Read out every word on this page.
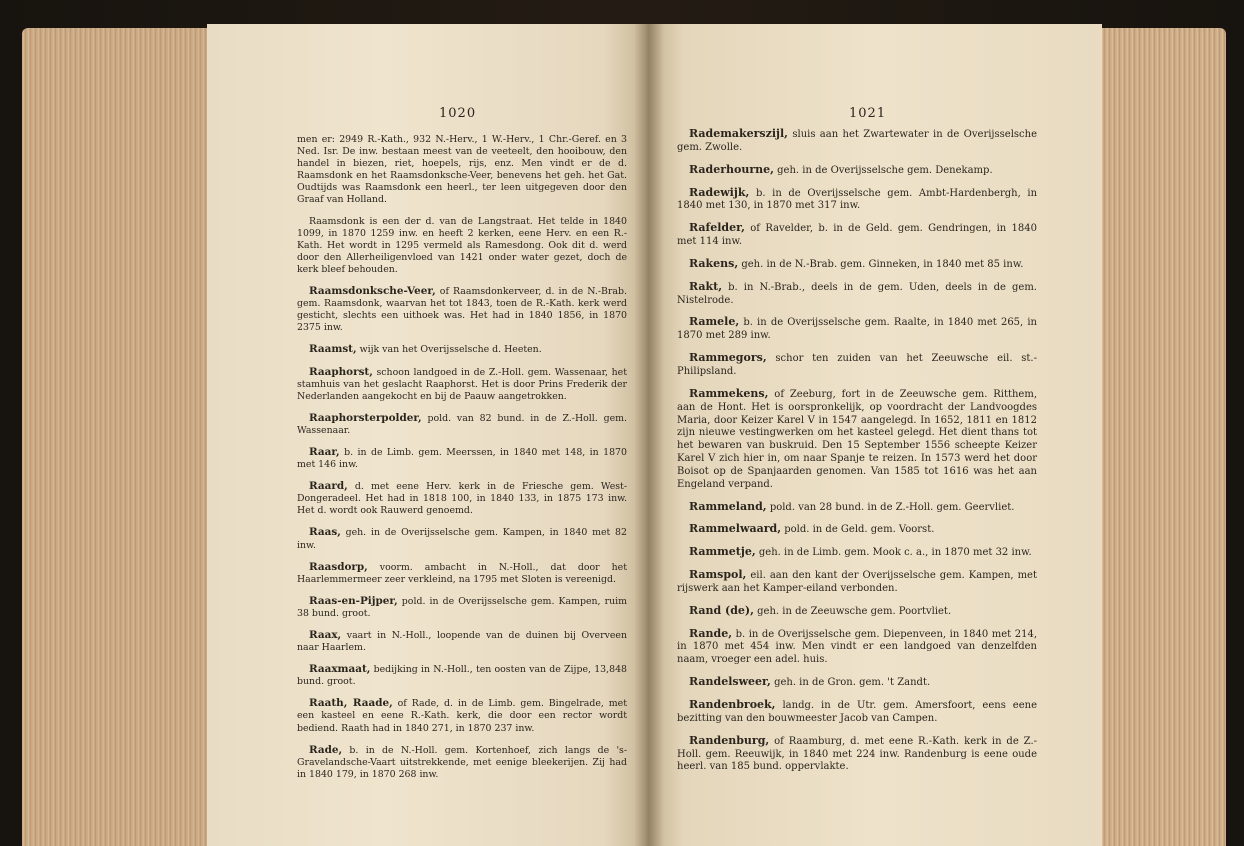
1020

men er: 2949 R.-Kath., 932 N.-Herv., 1 W.-Herv., 1 Chr.-Geref. en 3 Ned. Isr. De inw. bestaan meest van de veeteelt, den hooibouw, den handel in biezen, riet, hoepels, rijs, enz. Men vindt er de d. Raamsdonk en het Raamsdonksche-Veer, benevens het geh. het Gat. Oudtijds was Raamsdonk een heerl., ter leen uitgegeven door den Graaf van Holland.

Raamsdonk is een der d. van de Langstraat. Het telde in 1840 1099, in 1870 1259 inw. en heeft 2 kerken, eene Herv. en een R.-Kath. Het wordt in 1295 vermeld als Ramesdong. Ook dit d. werd door den Allerheiligenvloed van 1421 onder water gezet, doch de kerk bleef behouden.

Raamsdonksche-Veer, of Raamsdonkerveer, d. in de N.-Brab. gem. Raamsdonk, waarvan het tot 1843, toen de R.-Kath. kerk werd gesticht, slechts een uithoek was. Het had in 1840 1856, in 1870 2375 inw.

Raamst, wijk van het Overijsselsche d. Heeten.

Raaphorst, schoon landgoed in de Z.-Holl. gem. Wassenaar, het stamhuis van het geslacht Raaphorst. Het is door Prins Frederik der Nederlanden aangekocht en bij de Paauw aangetrokken.

Raaphorsterpolder, pold. van 82 bund. in de Z.-Holl. gem. Wassenaar.

Raar, b. in de Limb. gem. Meerssen, in 1840 met 148, in 1870 met 146 inw.

Raard, d. met eene Herv. kerk in de Friesche gem. West-Dongeradeel. Het had in 1818 100, in 1840 133, in 1875 173 inw. Het d. wordt ook Rauwerd genoemd.

Raas, geh. in de Overijsselsche gem. Kampen, in 1840 met 82 inw.

Raasdorp, voorm. ambacht in N.-Holl., dat door het Haarlemmermeer zeer verkleind, na 1795 met Sloten is vereenigd.

Raas-en-Pijper, pold. in de Overijsselsche gem. Kampen, ruim 38 bund. groot.

Raax, vaart in N.-Holl., loopende van de duinen bij Overveen naar Haarlem.

Raaxmaat, bedijking in N.-Holl., ten oosten van de Zijpe, 13,848 bund. groot.

Raath, Raade, of Rade, d. in de Limb. gem. Bingelrade, met een kasteel en eene R.-Kath. kerk, die door een rector wordt bediend. Raath had in 1840 271, in 1870 237 inw.

Rade, b. in de N.-Holl. gem. Kortenhoef, zich langs de 's-Gravelandsche-Vaart uitstrekkende, met eenige bleekerijen. Zij had in 1840 179, in 1870 268 inw.

1021

Rademakerszijl, sluis aan het Zwartewater in de Overijsselsche gem. Zwolle.

Raderhourne, geh. in de Overijsselsche gem. Denekamp.

Radewijk, b. in de Overijsselsche gem. Ambt-Hardenbergh, in 1840 met 130, in 1870 met 317 inw.

Rafelder, of Ravelder, b. in de Geld. gem. Gendringen, in 1840 met 114 inw.

Rakens, geh. in de N.-Brab. gem. Ginneken, in 1840 met 85 inw.

Rakt, b. in N.-Brab., deels in de gem. Uden, deels in de gem. Nistelrode.

Ramele, b. in de Overijsselsche gem. Raalte, in 1840 met 265, in 1870 met 289 inw.

Rammegors, schor ten zuiden van het Zeeuwsche eil. st.-Philipsland.

Rammekens, of Zeeburg, fort in de Zeeuwsche gem. Ritthem, aan de Hont. Het is oorspronkelijk, op voordracht der Landvoogdes Maria, door Keizer Karel V in 1547 aangelegd. In 1652, 1811 en 1812 zijn nieuwe vestingwerken om het kasteel gelegd. Het dient thans tot het bewaren van buskruid. Den 15 September 1556 scheepte Keizer Karel V zich hier in, om naar Spanje te reizen. In 1573 werd het door Boisot op de Spanjaarden genomen. Van 1585 tot 1616 was het aan Engeland verpand.

Rammeland, pold. van 28 bund. in de Z.-Holl. gem. Geervliet.

Rammelwaard, pold. in de Geld. gem. Voorst.

Rammetje, geh. in de Limb. gem. Mook c. a., in 1870 met 32 inw.

Ramspol, eil. aan den kant der Overijsselsche gem. Kampen, met rijswerk aan het Kamper-eiland verbonden.

Rand (de), geh. in de Zeeuwsche gem. Poortvliet.

Rande, b. in de Overijsselsche gem. Diepenveen, in 1840 met 214, in 1870 met 454 inw. Men vindt er een landgoed van denzelfden naam, vroeger een adel. huis.

Randelsweer, geh. in de Gron. gem. 't Zandt.

Randenbroek, landg. in de Utr. gem. Amersfoort, eens eene bezitting van den bouwmeester Jacob van Campen.

Randenburg, of Raamburg, d. met eene R.-Kath. kerk in de Z.-Holl. gem. Reeuwijk, in 1840 met 224 inw. Randenburg is eene oude heerl. van 185 bund. oppervlakte.
